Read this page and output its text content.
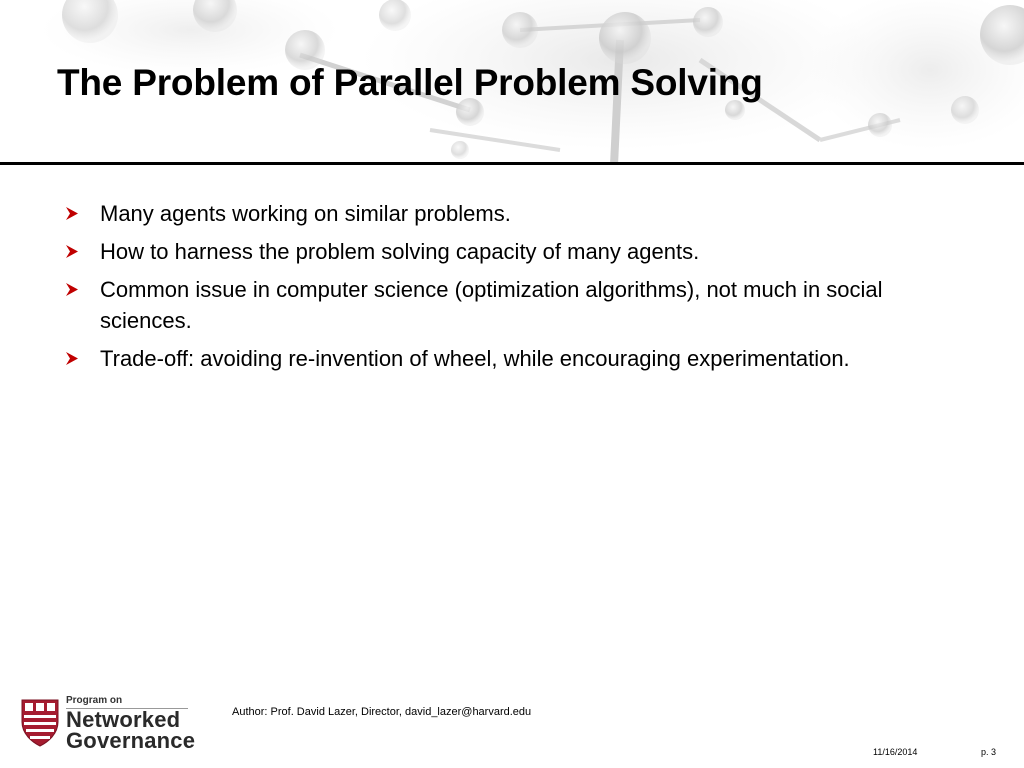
The Problem of Parallel Problem Solving
Many agents working on similar problems.
How to harness the problem solving capacity of many agents.
Common issue in computer science (optimization algorithms), not much in social sciences.
Trade-off: avoiding re-invention of wheel, while encouraging experimentation.
Program on
Networked
Governance
Author: Prof. David Lazer, Director, david_lazer@harvard.edu
11/16/2014	p. 3
